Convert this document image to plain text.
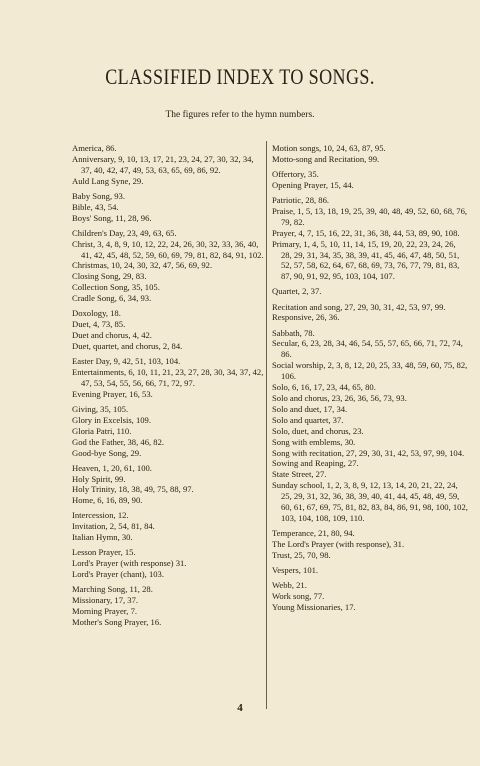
CLASSIFIED INDEX TO SONGS.
The figures refer to the hymn numbers.
America, 86.
Anniversary, 9, 10, 13, 17, 21, 23, 24, 27, 30, 32, 34, 37, 40, 42, 47, 49, 53, 63, 65, 69, 86, 92.
Auld Lang Syne, 29.
Baby Song, 93.
Bible, 43, 54.
Boys' Song, 11, 28, 96.
Children's Day, 23, 49, 63, 65.
Christ, 3, 4, 8, 9, 10, 12, 22, 24, 26, 30, 32, 33, 36, 40, 41, 42, 45, 48, 52, 59, 60, 69, 79, 81, 82, 84, 91, 102.
Christmas, 10, 24, 30, 32, 47, 56, 69, 92.
Closing Song, 29, 83.
Collection Song, 35, 105.
Cradle Song, 6, 34, 93.
Doxology, 18.
Duet, 4, 73, 85.
Duet and chorus, 4, 42.
Duet, quartet, and chorus, 2, 84.
Easter Day, 9, 42, 51, 103, 104.
Entertainments, 6, 10, 11, 21, 23, 27, 28, 30, 34, 37, 42, 47, 53, 54, 55, 56, 66, 71, 72, 97.
Evening Prayer, 16, 53.
Giving, 35, 105.
Glory in Excelsis, 109.
Gloria Patri, 110.
God the Father, 38, 46, 82.
Good-bye Song, 29.
Heaven, 1, 20, 61, 100.
Holy Spirit, 99.
Holy Trinity, 18, 38, 49, 75, 88, 97.
Home, 6, 16, 89, 90.
Intercession, 12.
Invitation, 2, 54, 81, 84.
Italian Hymn, 30.
Lesson Prayer, 15.
Lord's Prayer (with response) 31.
Lord's Prayer (chant), 103.
Marching Song, 11, 28.
Missionary, 17, 37.
Morning Prayer, 7.
Mother's Song Prayer, 16.
Motion songs, 10, 24, 63, 87, 95.
Motto-song and Recitation, 99.
Offertory, 35.
Opening Prayer, 15, 44.
Patriotic, 28, 86.
Praise, 1, 5, 13, 18, 19, 25, 39, 40, 48, 49, 52, 60, 68, 76, 79, 82.
Prayer, 4, 7, 15, 16, 22, 31, 36, 38, 44, 53, 89, 90, 108.
Primary, 1, 4, 5, 10, 11, 14, 15, 19, 20, 22, 23, 24, 26, 28, 29, 31, 34, 35, 38, 39, 41, 45, 46, 47, 48, 50, 51, 52, 57, 58, 62, 64, 67, 68, 69, 73, 76, 77, 79, 81, 83, 87, 90, 91, 92, 95, 103, 104, 107.
Quartet, 2, 37.
Recitation and song, 27, 29, 30, 31, 42, 53, 97, 99.
Responsive, 26, 36.
Sabbath, 78.
Secular, 6, 23, 28, 34, 46, 54, 55, 57, 65, 66, 71, 72, 74, 86.
Social worship, 2, 3, 8, 12, 20, 25, 33, 48, 59, 60, 75, 82, 106.
Solo, 6, 16, 17, 23, 44, 65, 80.
Solo and chorus, 23, 26, 36, 56, 73, 93.
Solo and duet, 17, 34.
Solo and quartet, 37.
Solo, duet, and chorus, 23.
Song with emblems, 30.
Song with recitation, 27, 29, 30, 31, 42, 53, 97, 99, 104.
Sowing and Reaping, 27.
State Street, 27.
Sunday school, 1, 2, 3, 8, 9, 12, 13, 14, 20, 21, 22, 24, 25, 29, 31, 32, 36, 38, 39, 40, 41, 44, 45, 48, 49, 59, 60, 61, 67, 69, 75, 81, 82, 83, 84, 86, 91, 98, 100, 102, 103, 104, 108, 109, 110.
Temperance, 21, 80, 94.
The Lord's Prayer (with response), 31.
Trust, 25, 70, 98.
Vespers, 101.
Webb, 21.
Work song, 77.
Young Missionaries, 17.
4
